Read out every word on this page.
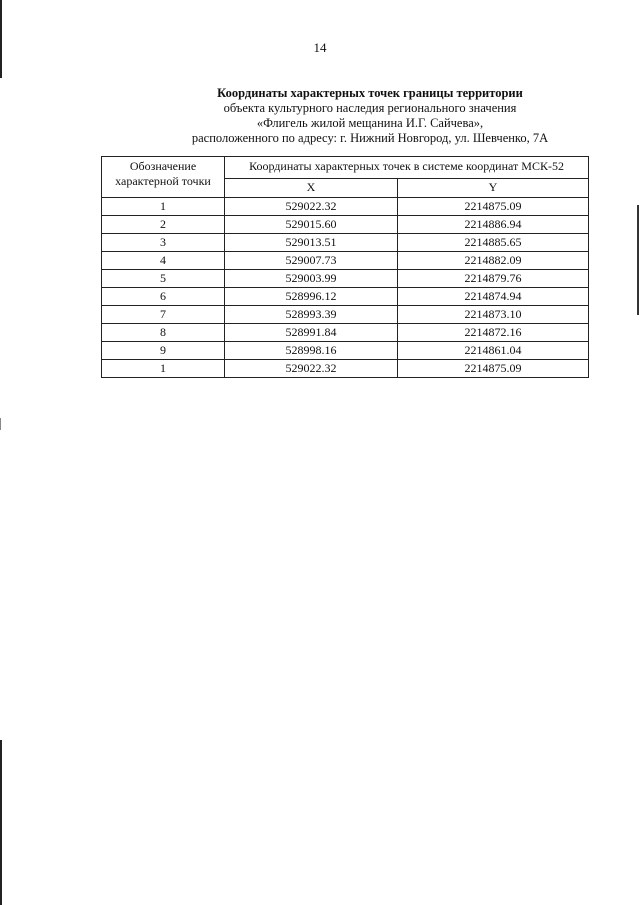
14
Координаты характерных точек границы территории
объекта культурного наследия регионального значения
«Флигель жилой мещанина И.Г. Сайчева»,
расположенного по адресу: г. Нижний Новгород, ул. Шевченко, 7А
Обозначение характерной точки	Координаты характерных точек в системе координат МСК-52	
	X	Y
1	529022.32	2214875.09
2	529015.60	2214886.94
3	529013.51	2214885.65
4	529007.73	2214882.09
5	529003.99	2214879.76
6	528996.12	2214874.94
7	528993.39	2214873.10
8	528991.84	2214872.16
9	528998.16	2214861.04
1	529022.32	2214875.09
